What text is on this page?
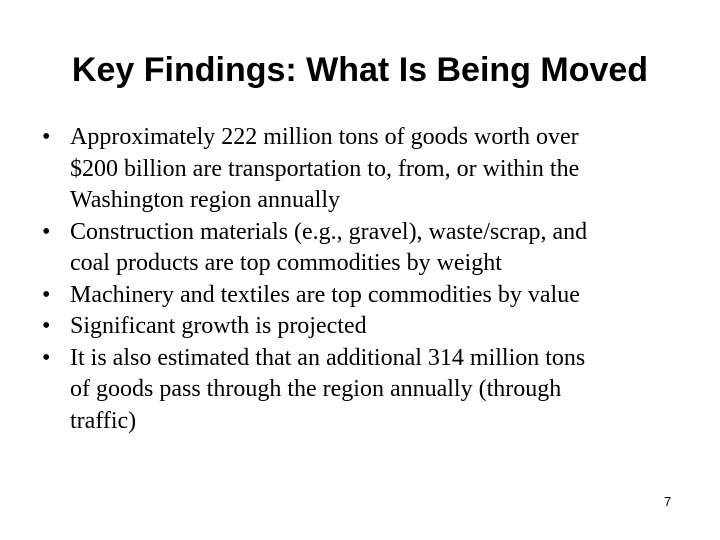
Key Findings: What Is Being Moved
• Approximately 222 million tons of goods worth over
$200 billion are transportation to, from, or within the
Washington region annually
• Construction materials (e.g., gravel), waste/scrap, and
coal products are top commodities by weight
• Machinery and textiles are top commodities by value
• Significant growth is projected
• It is also estimated that an additional 314 million tons
of goods pass through the region annually (through
traffic)
7
